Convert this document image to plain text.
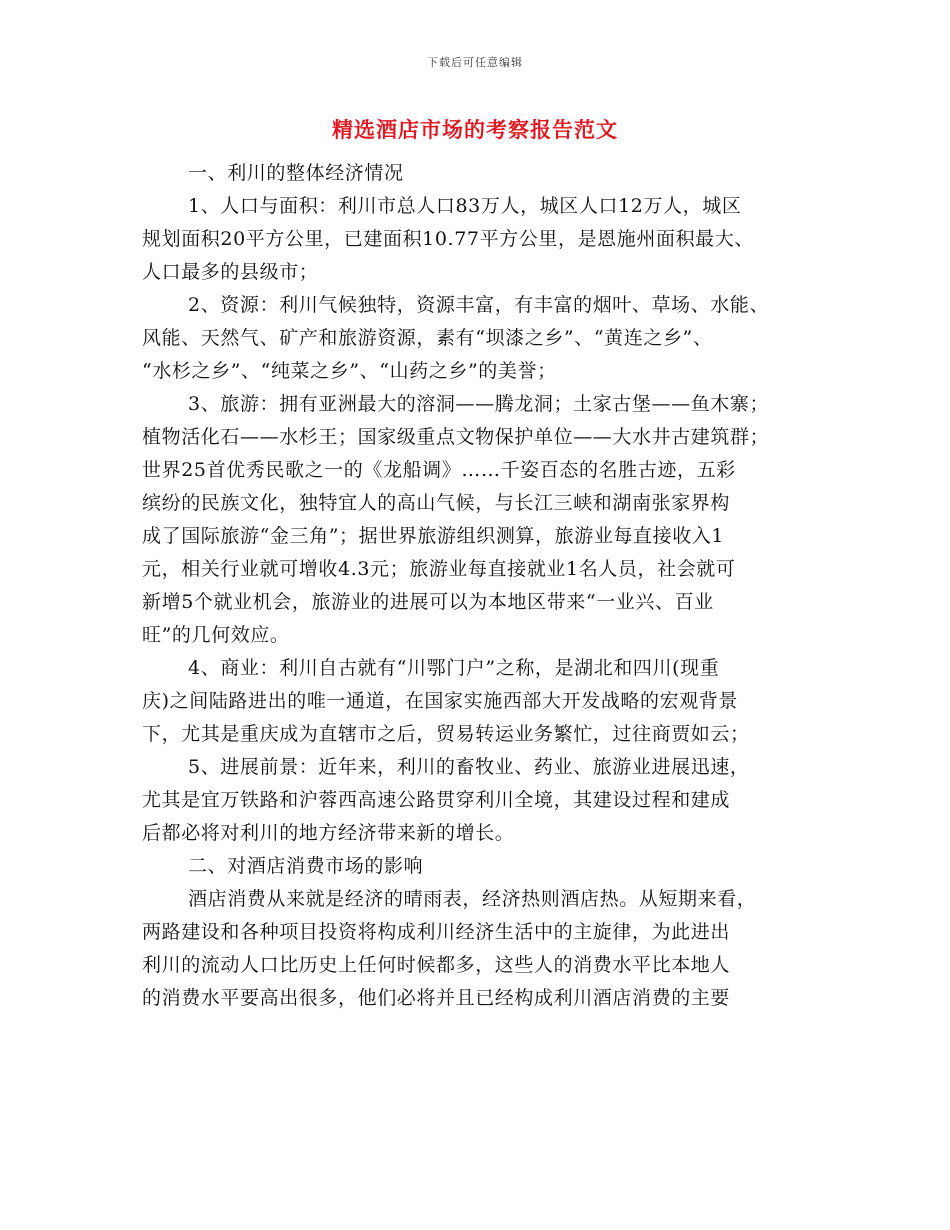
下载后可任意编辑
精选酒店市场的考察报告范文
一、利川的整体经济情况
1、人口与面积：利川市总人口83万人，城区人口12万人，城区
规划面积20平方公里，已建面积10.77平方公里，是恩施州面积最大、
人口最多的县级市；
2、资源：利川气候独特，资源丰富，有丰富的烟叶、草场、水能、
风能、天然气、矿产和旅游资源，素有“坝漆之乡”、“黄连之乡”、
“水杉之乡”、“纯菜之乡”、“山药之乡”的美誉；
3、旅游：拥有亚洲最大的溶洞——腾龙洞；土家古堡——鱼木寨；
植物活化石——水杉王；国家级重点文物保护单位——大水井古建筑群；
世界25首优秀民歌之一的《龙船调》……千姿百态的名胜古迹，五彩
缤纷的民族文化，独特宜人的高山气候，与长江三峡和湖南张家界构
成了国际旅游“金三角”；据世界旅游组织测算，旅游业每直接收入1
元，相关行业就可增收4.3元；旅游业每直接就业1名人员，社会就可
新增5个就业机会，旅游业的进展可以为本地区带来“一业兴、百业
旺”的几何效应。
4、商业：利川自古就有“川鄂门户”之称，是湖北和四川(现重
庆)之间陆路进出的唯一通道，在国家实施西部大开发战略的宏观背景
下，尤其是重庆成为直辖市之后，贸易转运业务繁忙，过往商贾如云；
5、进展前景：近年来，利川的畜牧业、药业、旅游业进展迅速，
尤其是宜万铁路和沪蓉西高速公路贯穿利川全境，其建设过程和建成
后都必将对利川的地方经济带来新的增长。
二、对酒店消费市场的影响
酒店消费从来就是经济的晴雨表，经济热则酒店热。从短期来看，
两路建设和各种项目投资将构成利川经济生活中的主旋律，为此进出
利川的流动人口比历史上任何时候都多，这些人的消费水平比本地人
的消费水平要高出很多，他们必将并且已经构成利川酒店消费的主要
